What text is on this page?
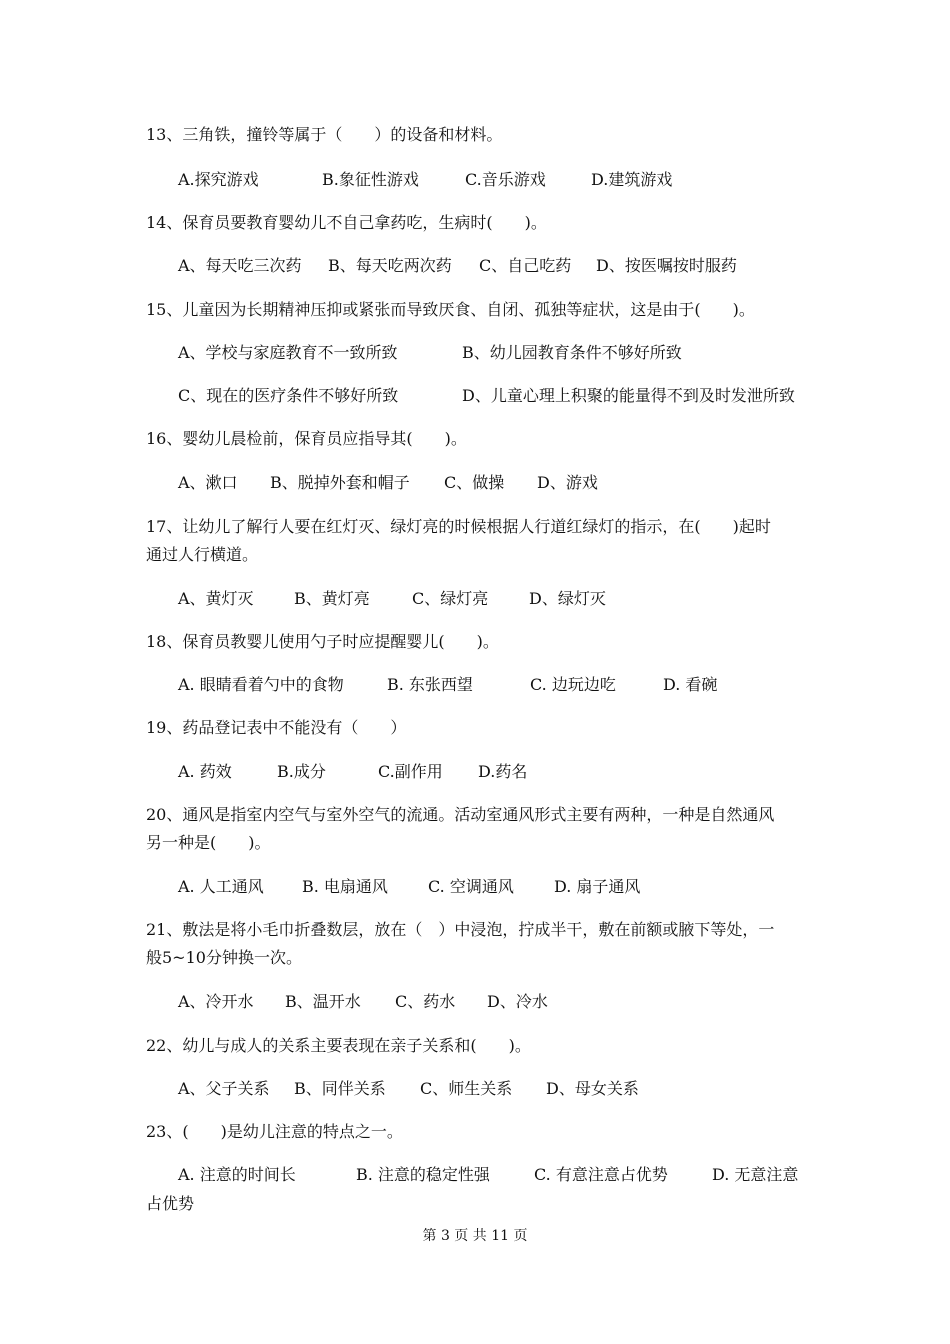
13、三角铁，撞铃等属于（　　）的设备和材料。
A.探究游戏	B.象征性游戏	C.音乐游戏	D.建筑游戏
14、保育员要教育婴幼儿不自己拿药吃，生病时(　　)。
A、每天吃三次药 B、每天吃两次药 C、自己吃药 D、按医嘱按时服药
15、儿童因为长期精神压抑或紧张而导致厌食、自闭、孤独等症状，这是由于(　　)。
A、学校与家庭教育不一致所致	B、幼儿园教育条件不够好所致
C、现在的医疗条件不够好所致	D、儿童心理上积聚的能量得不到及时发泄所致
16、婴幼儿晨检前，保育员应指导其(　　)。
A、漱口 B、脱掉外套和帽子 C、做操 D、游戏
17、让幼儿了解行人要在红灯灭、绿灯亮的时候根据人行道红绿灯的指示，在(　　)起时
通过人行横道。
A、黄灯灭	B、黄灯亮	C、绿灯亮	D、绿灯灭
18、保育员教婴儿使用勺子时应提醒婴儿(　　)。
A. 眼睛看着勺中的食物	B. 东张西望	C. 边玩边吃	D. 看碗
19、药品登记表中不能没有（　　）
A. 药效	B.成分	C.副作用 D.药名
20、通风是指室内空气与室外空气的流通。活动室通风形式主要有两种，一种是自然通风
另一种是(　　)。
A. 人工通风 B. 电扇通风	C. 空调通风	D. 扇子通风
21、敷法是将小毛巾折叠数层，放在（　）中浸泡，拧成半干，敷在前额或腋下等处，一
般5~10分钟换一次。
A、冷开水 B、温开水 C、药水 D、冷水
22、幼儿与成人的关系主要表现在亲子关系和(　　)。
A、父子关系 B、同伴关系 C、师生关系 D、母女关系
23、(　　)是幼儿注意的特点之一。
A. 注意的时间长	B. 注意的稳定性强	C. 有意注意占优势	D. 无意注意
占优势
第 3 页 共 11 页
